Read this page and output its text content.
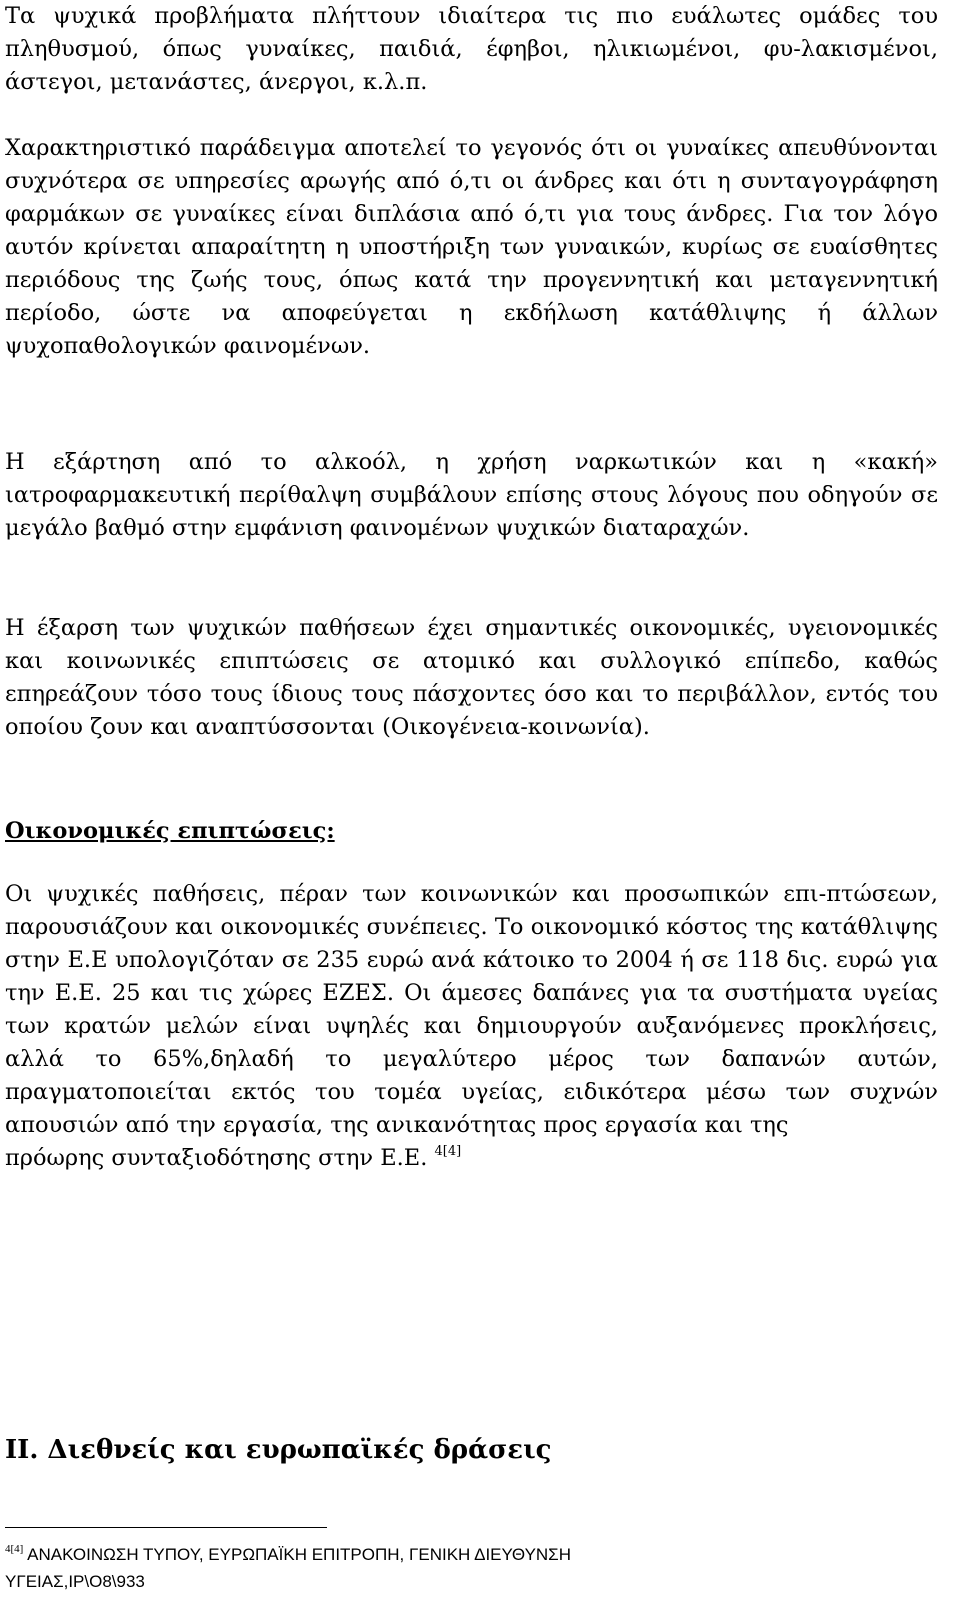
Τα ψυχικά προβλήματα πλήττουν ιδιαίτερα τις πιο ευάλωτες ομάδες του πληθυσμού, όπως γυναίκες, παιδιά, έφηβοι, ηλικιωμένοι, φυ-λακισμένοι, άστεγοι, μετανάστες, άνεργοι, κ.λ.π.

Χαρακτηριστικό παράδειγμα αποτελεί το γεγονός ότι οι γυναίκες απευθύνονται συχνότερα σε υπηρεσίες αρωγής από ό,τι οι άνδρες και ότι η συνταγογράφηση φαρμάκων σε γυναίκες είναι διπλάσια από ό,τι για τους άνδρες. Για τον λόγο αυτόν κρίνεται απαραίτητη η υποστήριξη των γυναικών, κυρίως σε ευαίσθητες περιόδους της ζωής τους, όπως κατά την προγεννητική και μεταγεννητική περίοδο, ώστε να αποφεύγεται η εκδήλωση κατάθλιψης ή άλλων ψυχοπαθολογικών φαινομένων.

Η εξάρτηση από το αλκοόλ, η χρήση ναρκωτικών και η «κακή» ιατροφαρμακευτική περίθαλψη συμβάλουν επίσης στους λόγους που οδηγούν σε μεγάλο βαθμό στην εμφάνιση φαινομένων ψυχικών διαταραχών.

Η έξαρση των ψυχικών παθήσεων έχει σημαντικές οικονομικές, υγειονομικές και κοινωνικές επιπτώσεις σε ατομικό και συλλογικό επίπεδο, καθώς επηρεάζουν τόσο τους ίδιους τους πάσχοντες όσο και το περιβάλλον, εντός του οποίου ζουν και αναπτύσσονται (Οικογένεια-κοινωνία).

Οικονομικές επιπτώσεις:

Οι ψυχικές παθήσεις, πέραν των κοινωνικών και προσωπικών επι-πτώσεων, παρουσιάζουν και οικονομικές συνέπειες. Το οικονομικό κόστος της κατάθλιψης στην Ε.Ε υπολογιζόταν σε 235 ευρώ ανά κάτοικο το 2004 ή σε 118 δις. ευρώ για την Ε.Ε. 25 και τις χώρες ΕΖΕΣ. Οι άμεσες δαπάνες για τα συστήματα υγείας των κρατών μελών είναι υψηλές και δημιουργούν αυξανόμενες προκλήσεις, αλλά το 65%,δηλαδή το μεγαλύτερο μέρος των δαπανών αυτών, πραγματοποιείται εκτός του τομέα υγείας, ειδικότερα μέσω των συχνών απουσιών από την εργασία, της ανικανότητας προς εργασία και της

πρόωρης συνταξιοδότησης στην Ε.Ε. $^{4[4]}$

ΙΙ. Διεθνείς και ευρωπαϊκές δράσεις

$^{4[4]}$ ΑΝΑΚΟΙΝΩΣΗ ΤΥΠΟΥ, ΕΥΡΩΠΑΪΚΗ ΕΠΙΤΡΟΠΗ, ΓΕΝΙΚΗ ΔΙΕΥΘΥΝΣΗ
ΥΓΕΙΑΣ,IP\O8\933
